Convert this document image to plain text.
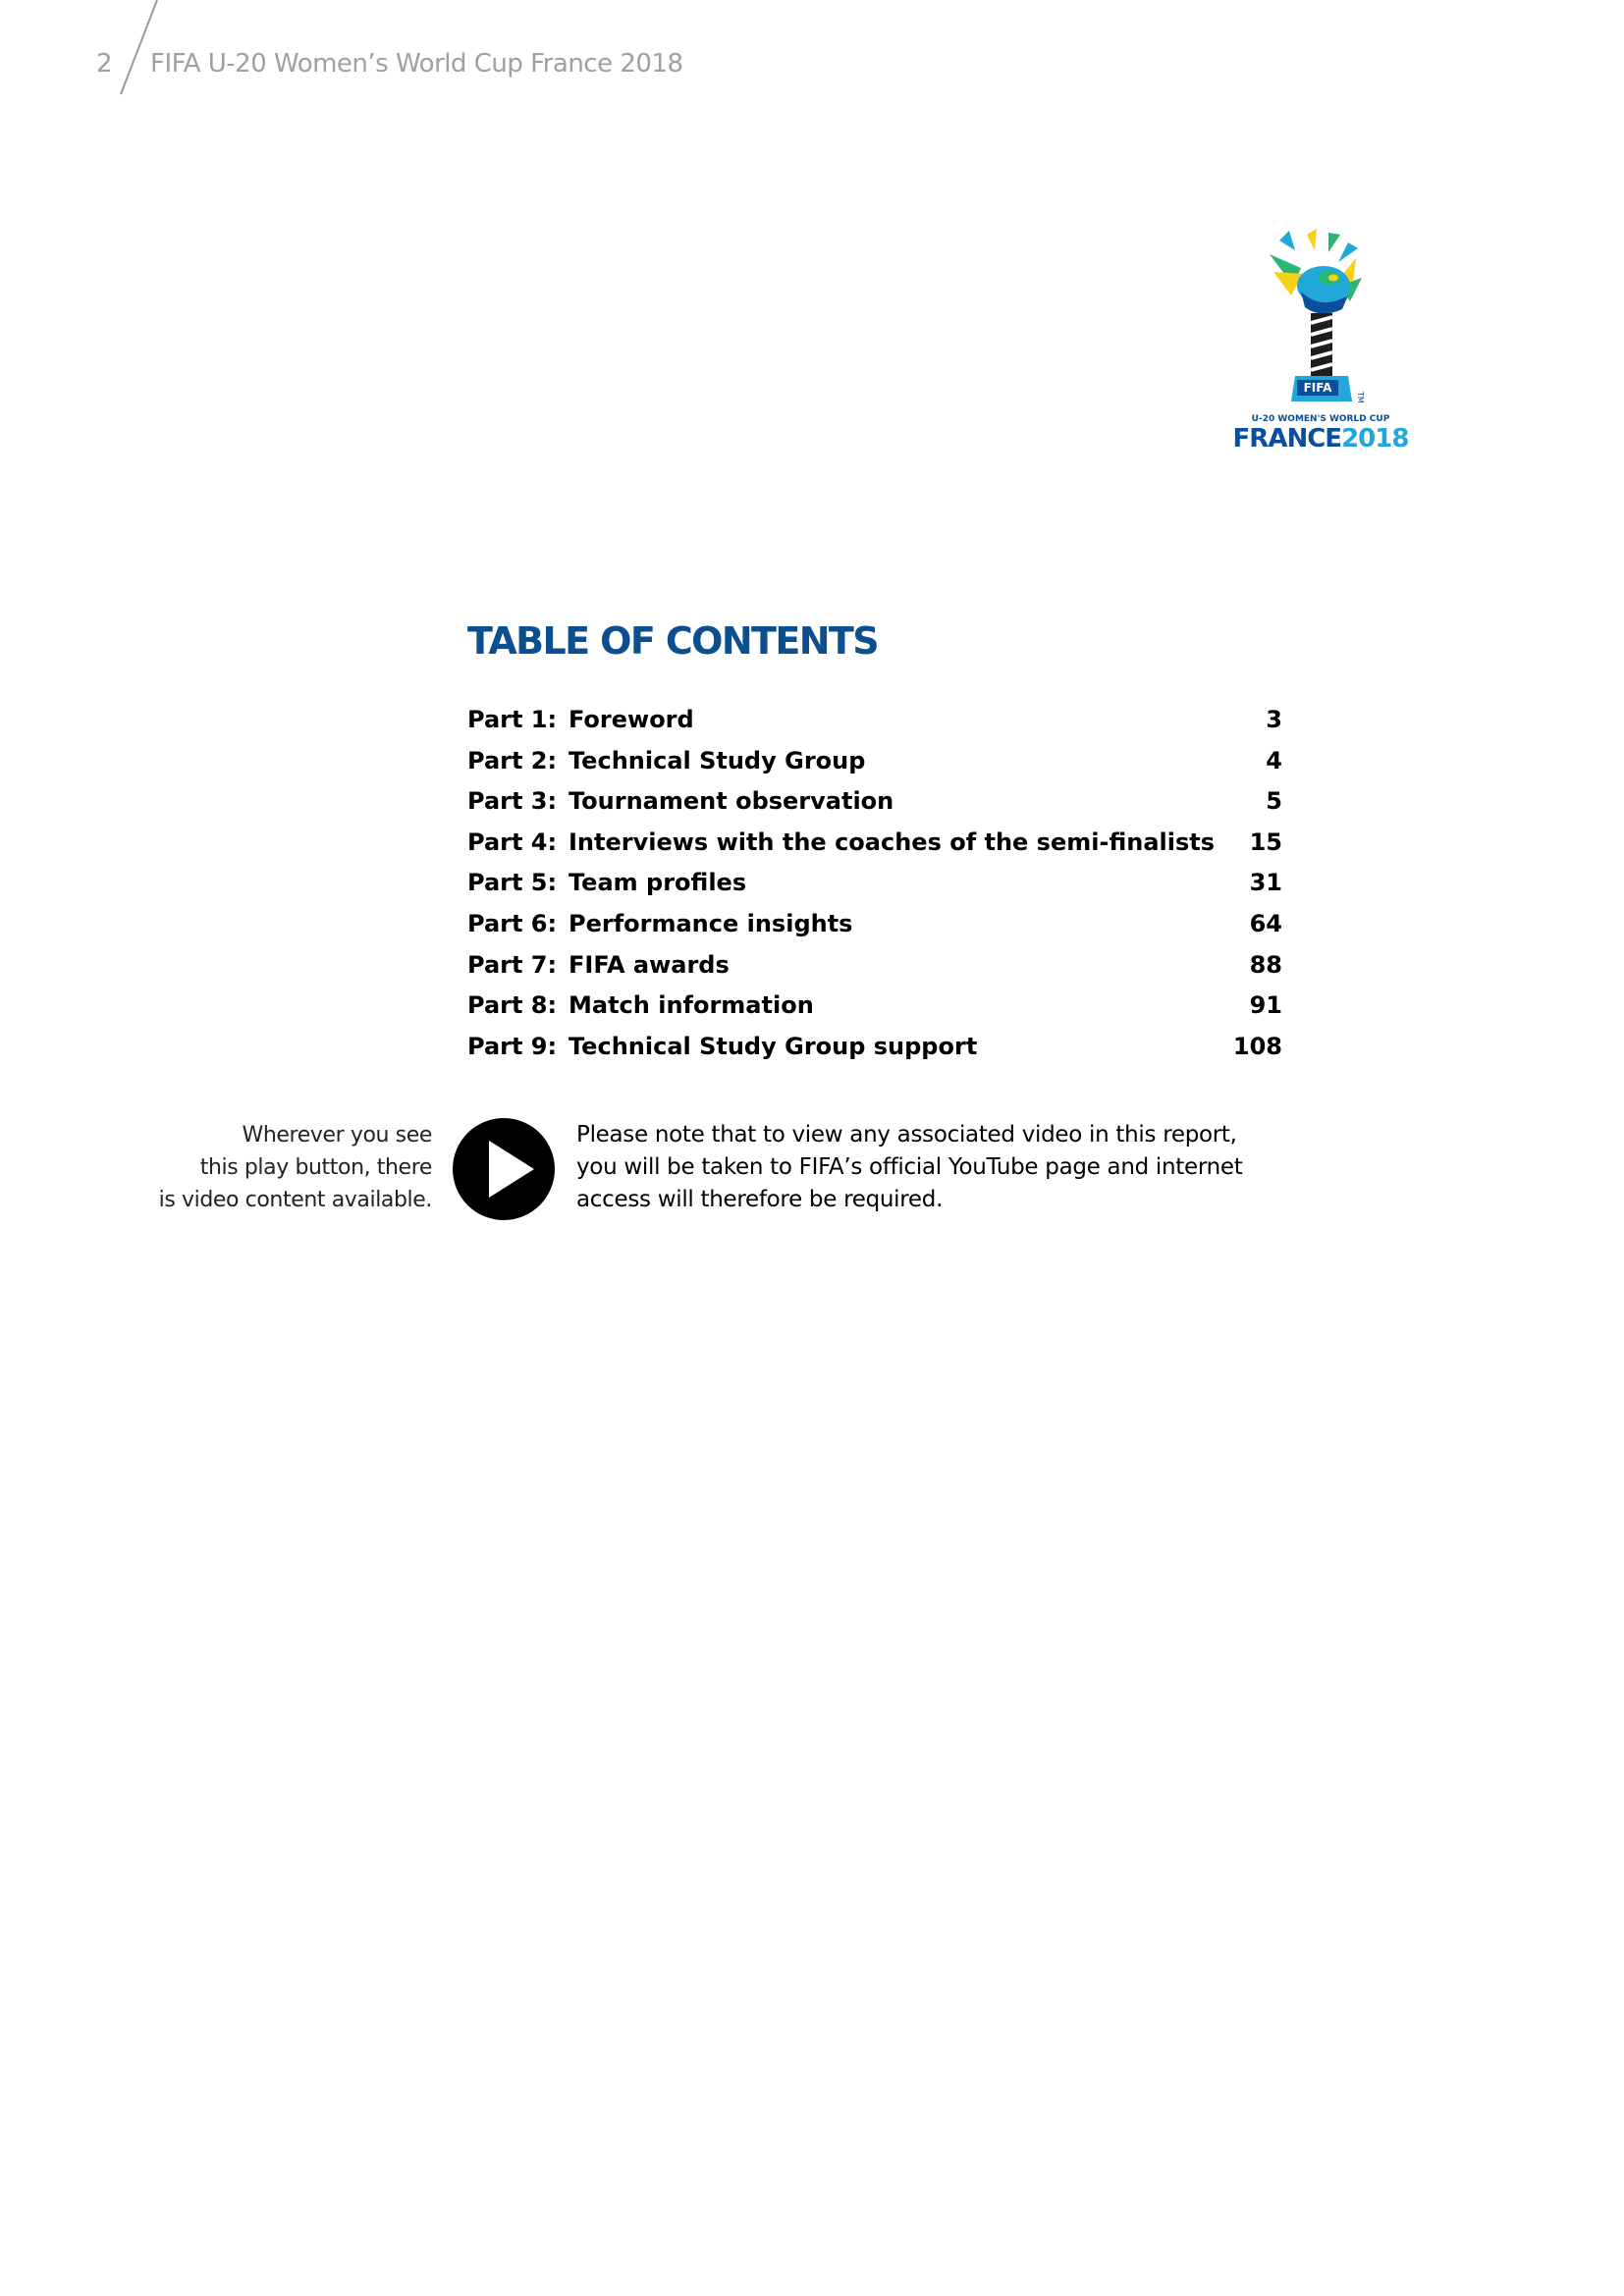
2 FIFA U-20 Women’s World Cup France 2018
FIFA
TM
U-20 WOMEN'S WORLD CUP
FRANCE2018
TABLE OF CONTENTS
Part 1: Foreword	3
Part 2: Technical Study Group	4
Part 3: Tournament observation	5
Part 4: Interviews with the coaches of the semi-finalists 15
Part 5: Team profiles	31
Part 6: Performance insights	64
Part 7: FIFA awards	88
Part 8: Match information	91
Part 9: Technical Study Group support	108
Wherever you see
this play button, there
is video content available.
Please note that to view any associated video in this report,
you will be taken to FIFA’s official YouTube page and internet
access will therefore be required.
